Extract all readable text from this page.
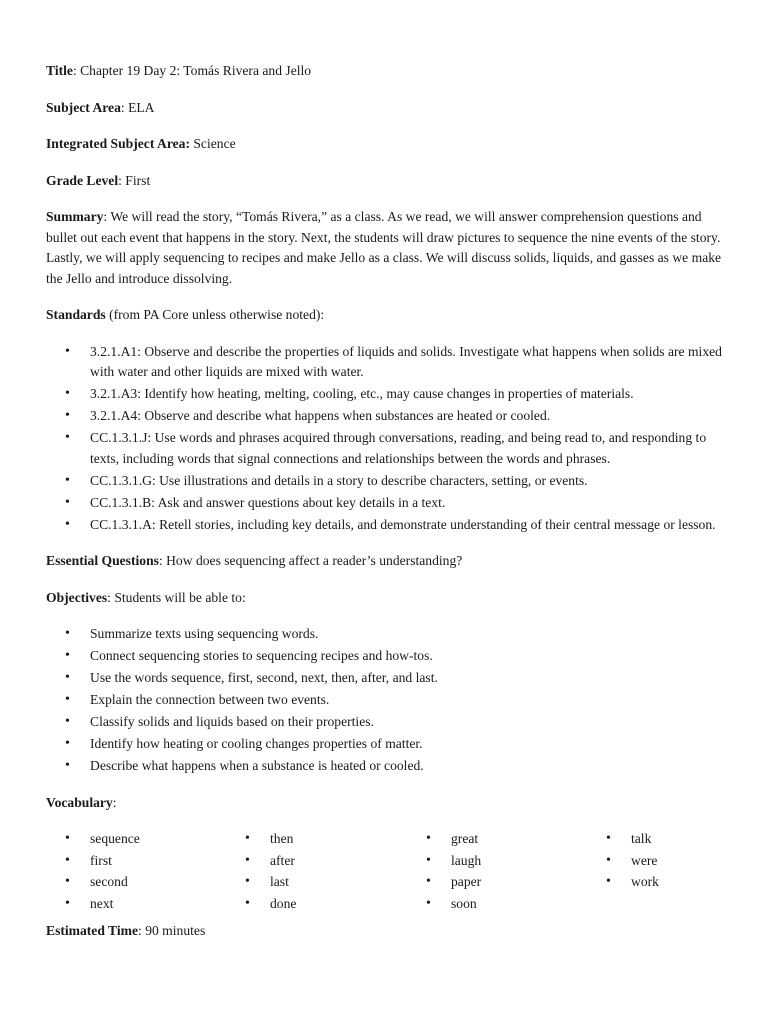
Title: Chapter 19 Day 2: Tomás Rivera and Jello

Subject Area: ELA

Integrated Subject Area: Science

Grade Level: First

Summary: We will read the story, “Tomás Rivera,” as a class. As we read, we will answer comprehension questions and bullet out each event that happens in the story. Next, the students will draw pictures to sequence the nine events of the story. Lastly, we will apply sequencing to recipes and make Jello as a class. We will discuss solids, liquids, and gasses as we make the Jello and introduce dissolving.

Standards (from PA Core unless otherwise noted):

• 3.2.1.A1: Observe and describe the properties of liquids and solids. Investigate what happens when solids are mixed with water and other liquids are mixed with water.
• 3.2.1.A3: Identify how heating, melting, cooling, etc., may cause changes in properties of materials.
• 3.2.1.A4: Observe and describe what happens when substances are heated or cooled.
• CC.1.3.1.J: Use words and phrases acquired through conversations, reading, and being read to, and responding to texts, including words that signal connections and relationships between the words and phrases.
• CC.1.3.1.G: Use illustrations and details in a story to describe characters, setting, or events.
• CC.1.3.1.B: Ask and answer questions about key details in a text.
• CC.1.3.1.A: Retell stories, including key details, and demonstrate understanding of their central message or lesson.

Essential Questions: How does sequencing affect a reader’s understanding?

Objectives: Students will be able to:

• Summarize texts using sequencing words.
• Connect sequencing stories to sequencing recipes and how-tos.
• Use the words sequence, first, second, next, then, after, and last.
• Explain the connection between two events.
• Classify solids and liquids based on their properties.
• Identify how heating or cooling changes properties of matter.
• Describe what happens when a substance is heated or cooled.

Vocabulary:

• sequence
• first
• second
• next
• then
• after
• last
• done
• great
• laugh
• paper
• soon
• talk
• were
• work

Estimated Time: 90 minutes
